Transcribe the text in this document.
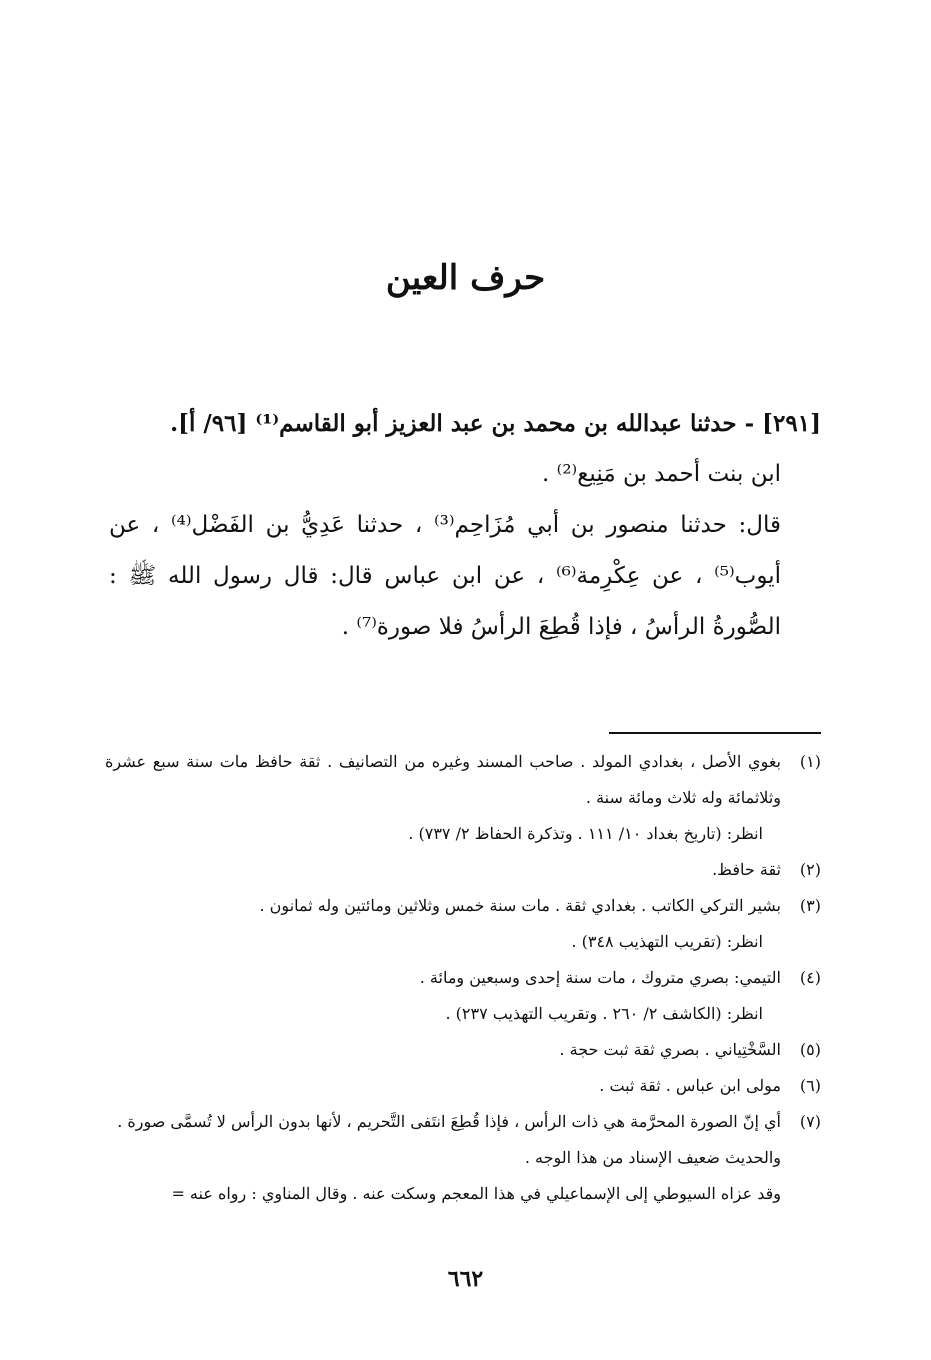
حرف العين

[٢٩١] - حدثنا عبدالله بن محمد بن عبد العزيز أبو القاسم⁽¹⁾ [٩٦/ أ].

ابن بنت أحمد بن مَنِيع⁽²⁾ .

قال: حدثنا منصور بن أبي مُزَاحِم⁽³⁾ ، حدثنا عَدِيُّ بن الفَضْل⁽⁴⁾ ، عن أيوب⁽⁵⁾ ، عن عِكْرِمة⁽⁶⁾ ، عن ابن عباس قال: قال رسول الله ﷺ : الصُّورةُ الرأسُ ، فإذا قُطِعَ الرأسُ فلا صورة⁽⁷⁾ .

(١)
بغوي الأصل ، بغدادي المولد . صاحب المسند وغيره من التصانيف . ثقة حافظ مات سنة سبع عشرة وثلاثمائة وله ثلاث ومائة سنة .

انظر: (تاريخ بغداد ١٠/ ١١١ . وتذكرة الحفاظ ٢/ ٧٣٧) .

(٢)
ثقة حافظ.
(٣)
بشير التركي الكاتب . بغدادي ثقة . مات سنة خمس وثلاثين ومائتين وله ثمانون .

انظر: (تقريب التهذيب ٣٤٨) .

(٤)
التيمي: بصري متروك ، مات سنة إحدى وسبعين ومائة .

انظر: (الكاشف ٢/ ٢٦٠ . وتقريب التهذيب ٢٣٧) .

(٥)
السَّخْتِياني . بصري ثقة ثبت حجة .
(٦)
مولى ابن عباس . ثقة ثبت .
(٧)
أي إنّ الصورة المحرَّمة هي ذات الرأس ، فإذا قُطِعَ انتَفى التَّحريم ، لأنها بدون الرأس لا تُسمَّى صورة .

والحديث ضعيف الإسناد من هذا الوجه .

وقد عزاه السيوطي إلى الإسماعيلي في هذا المعجم وسكت عنه . وقال المناوي : رواه عنه =

٦٦٢
